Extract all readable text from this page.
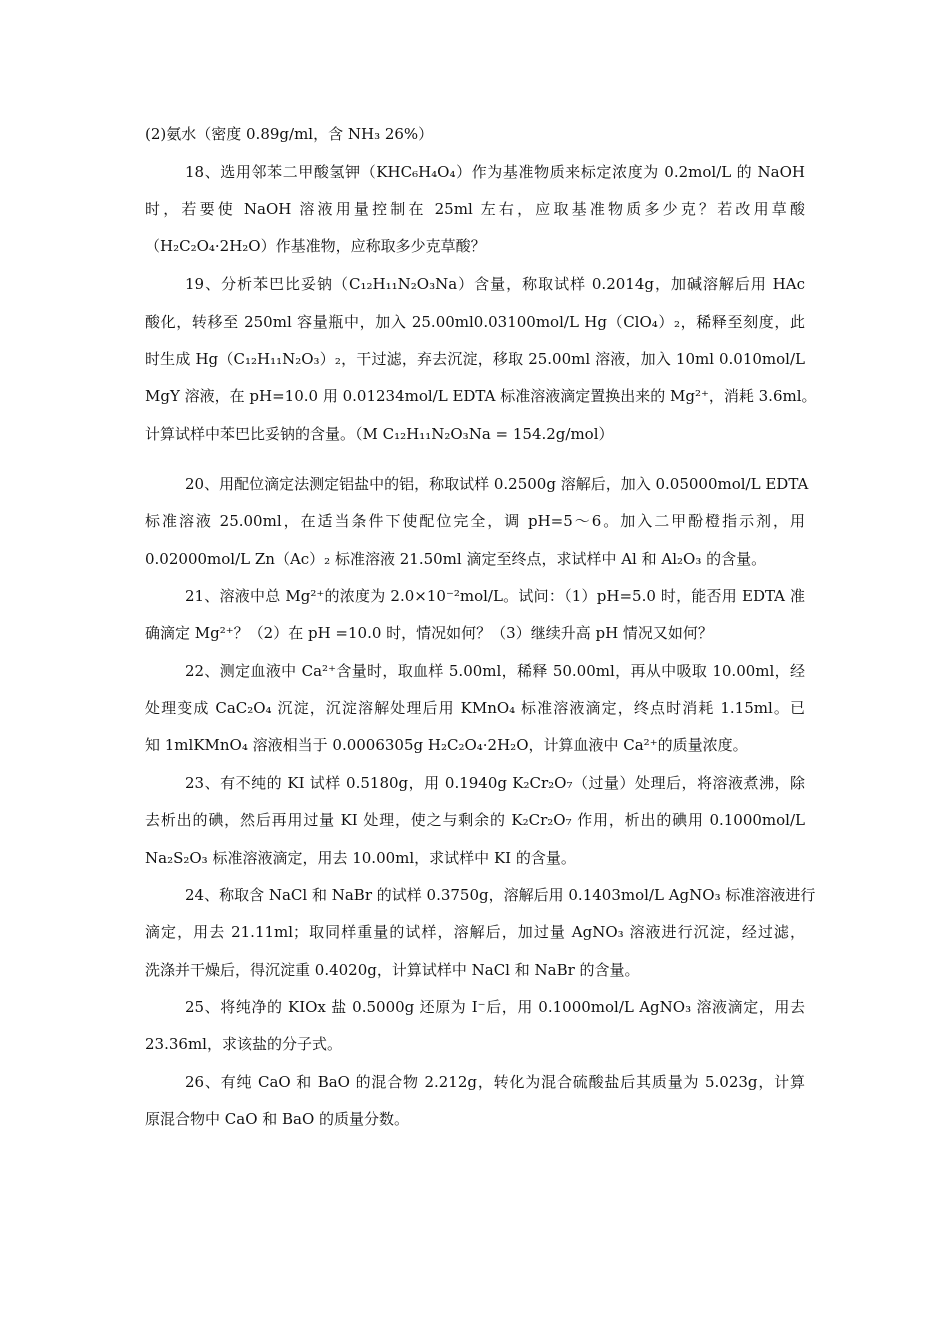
(2)氨水（密度 0.89g/ml，含 NH₃ 26%）
18、选用邻苯二甲酸氢钾（KHC₆H₄O₄）作为基准物质来标定浓度为 0.2mol/L 的 NaOH
时，若要使 NaOH 溶液用量控制在 25ml 左右，应取基准物质多少克？若改用草酸
（H₂C₂O₄·2H₂O）作基准物，应称取多少克草酸？
19、分析苯巴比妥钠（C₁₂H₁₁N₂O₃Na）含量，称取试样 0.2014g，加碱溶解后用 HAc
酸化，转移至 250ml 容量瓶中，加入 25.00ml0.03100mol/L Hg（ClO₄）₂，稀释至刻度，此
时生成 Hg（C₁₂H₁₁N₂O₃）₂，干过滤，弃去沉淀，移取 25.00ml 溶液，加入 10ml 0.010mol/L
MgY 溶液，在 pH=10.0 用 0.01234mol/L EDTA 标准溶液滴定置换出来的 Mg²⁺，消耗 3.6ml。
计算试样中苯巴比妥钠的含量。（M C₁₂H₁₁N₂O₃Na = 154.2g/mol）
20、用配位滴定法测定铝盐中的铝，称取试样 0.2500g 溶解后，加入 0.05000mol/L EDTA
标准溶液 25.00ml，在适当条件下使配位完全，调 pH=5～6。加入二甲酚橙指示剂，用
0.02000mol/L Zn（Ac）₂ 标准溶液 21.50ml 滴定至终点，求试样中 Al 和 Al₂O₃ 的含量。
21、溶液中总 Mg²⁺的浓度为 2.0×10⁻²mol/L。试问：（1）pH=5.0 时，能否用 EDTA 准
确滴定 Mg²⁺？（2）在 pH =10.0 时，情况如何？（3）继续升高 pH 情况又如何？
22、测定血液中 Ca²⁺含量时，取血样 5.00ml，稀释 50.00ml，再从中吸取 10.00ml，经
处理变成 CaC₂O₄ 沉淀，沉淀溶解处理后用 KMnO₄ 标准溶液滴定，终点时消耗 1.15ml。已
知 1mlKMnO₄ 溶液相当于 0.0006305g H₂C₂O₄·2H₂O，计算血液中 Ca²⁺的质量浓度。
23、有不纯的 KI 试样 0.5180g，用 0.1940g K₂Cr₂O₇（过量）处理后，将溶液煮沸，除
去析出的碘，然后再用过量 KI 处理，使之与剩余的 K₂Cr₂O₇ 作用，析出的碘用 0.1000mol/L
Na₂S₂O₃ 标准溶液滴定，用去 10.00ml，求试样中 KI 的含量。
24、称取含 NaCl 和 NaBr 的试样 0.3750g，溶解后用 0.1403mol/L AgNO₃ 标准溶液进行
滴定，用去 21.11ml；取同样重量的试样，溶解后，加过量 AgNO₃ 溶液进行沉淀，经过滤，
洗涤并干燥后，得沉淀重 0.4020g，计算试样中 NaCl 和 NaBr 的含量。
25、将纯净的 KIOx 盐 0.5000g 还原为 I⁻后，用 0.1000mol/L AgNO₃ 溶液滴定，用去
23.36ml，求该盐的分子式。
26、有纯 CaO 和 BaO 的混合物 2.212g，转化为混合硫酸盐后其质量为 5.023g，计算
原混合物中 CaO 和 BaO 的质量分数。
